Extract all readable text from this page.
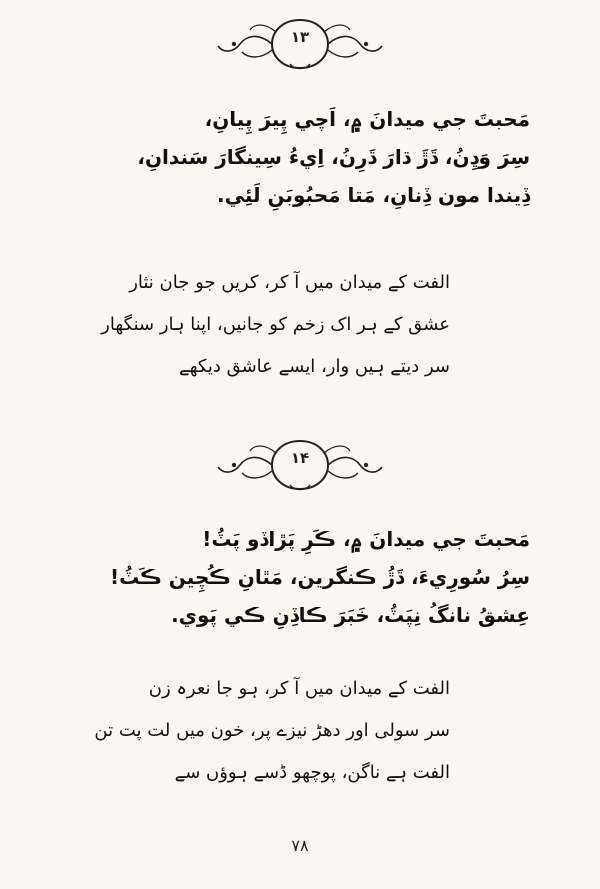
۱۳
مَحبتَ جي ميدانَ ۾، اَچي پِيرَ پِيانِ،
سِرَ وَڍِنُ، ڌَڙَ ڌارَ ڌَرِنُ، اِيءُ سِينگارَ سَندانِ،
ڏِيندا مون ڏِنانِ، مَتا مَحبُوبَنِ لَئِي.
الفت کے میدان میں آ کر، کریں جو جان نثار
عشق کے ہر اک زخم کو جانیں، اپنا ہار سنگھار
سر دیتے ہیں وار، ایسے عاشق دیکھے
۱۴
مَحبتَ جي ميدانَ ۾، ڪَرِ پَڙاڏو پَٽُ!
سِرُ سُورِيءَ، ڌَڙُ ڪنگرين، مَٿانِ ڪُچِين ڪَٽُ!
عِشقُ نانگُ نِپَٽُ، خَبَرَ ڪاڏِنِ ڪي پَوي.
الفت کے میدان میں آ کر، ہو جا نعرہ زن
سر سولی اور دھڑ نیزے پر، خون میں لت پت تن
الفت ہے ناگن، پوچھو ڈسے ہوؤں سے
۷۸
